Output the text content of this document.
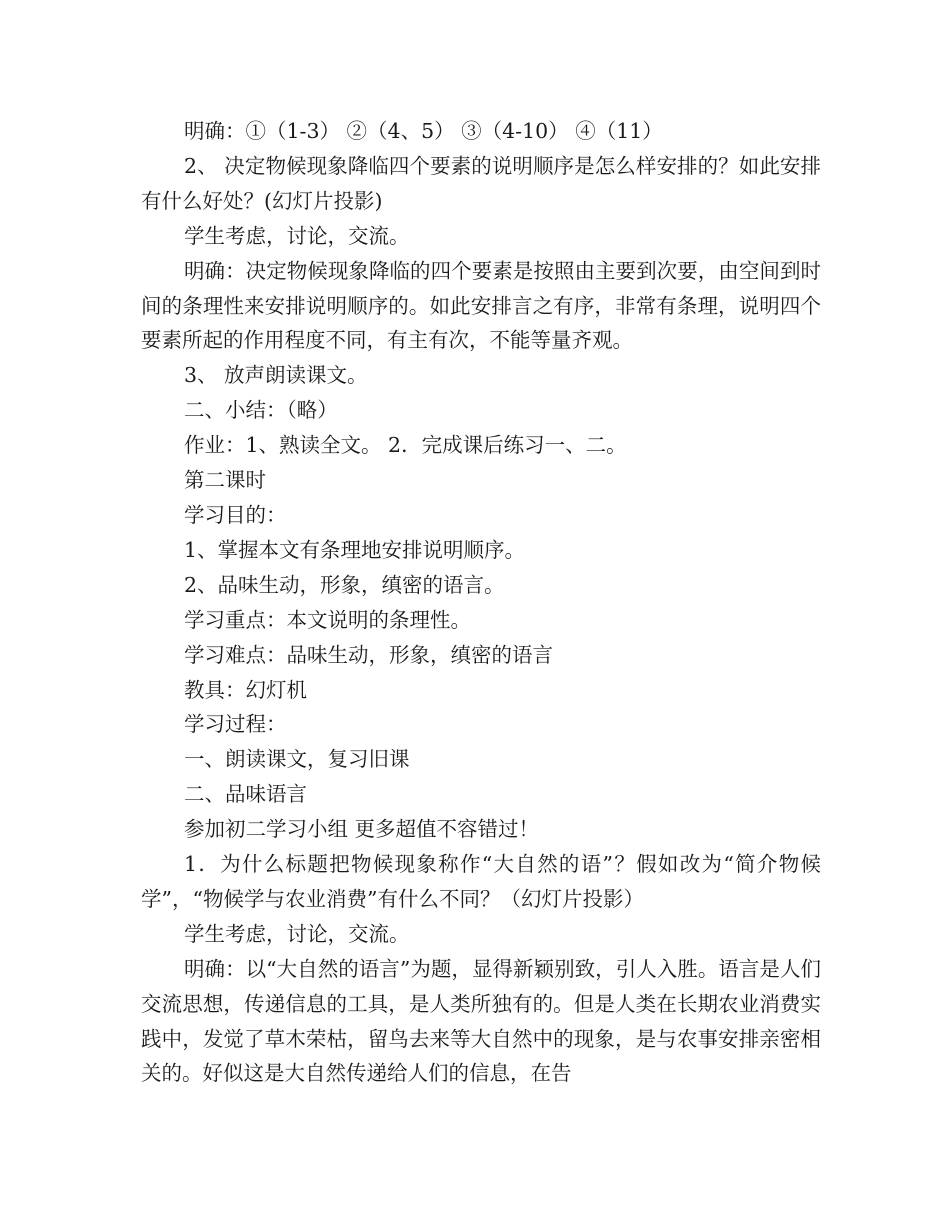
明确：①（1-3） ②（4、5） ③（4-10） ④（11）

2、 决定物候现象降临四个要素的说明顺序是怎么样安排的？如此安排有什么好处？(幻灯片投影)

学生考虑，讨论，交流。

明确：决定物候现象降临的四个要素是按照由主要到次要，由空间到时间的条理性来安排说明顺序的。如此安排言之有序，非常有条理，说明四个要素所起的作用程度不同，有主有次，不能等量齐观。

3、 放声朗读课文。

二、小结：（略）

作业：1、熟读全文。 2．完成课后练习一、二。

第二课时

学习目的：

1、掌握本文有条理地安排说明顺序。

2、品味生动，形象，缜密的语言。

学习重点：本文说明的条理性。

学习难点：品味生动，形象，缜密的语言

教具：幻灯机

学习过程：

一、朗读课文，复习旧课

二、品味语言

参加初二学习小组 更多超值不容错过！

1．为什么标题把物候现象称作“大自然的语”？假如改为“简介物候学”，“物候学与农业消费”有什么不同？（幻灯片投影）

学生考虑，讨论，交流。

明确：以“大自然的语言”为题，显得新颖别致，引人入胜。语言是人们交流思想，传递信息的工具，是人类所独有的。但是人类在长期农业消费实践中，发觉了草木荣枯，留鸟去来等大自然中的现象，是与农事安排亲密相关的。好似这是大自然传递给人们的信息，在告
